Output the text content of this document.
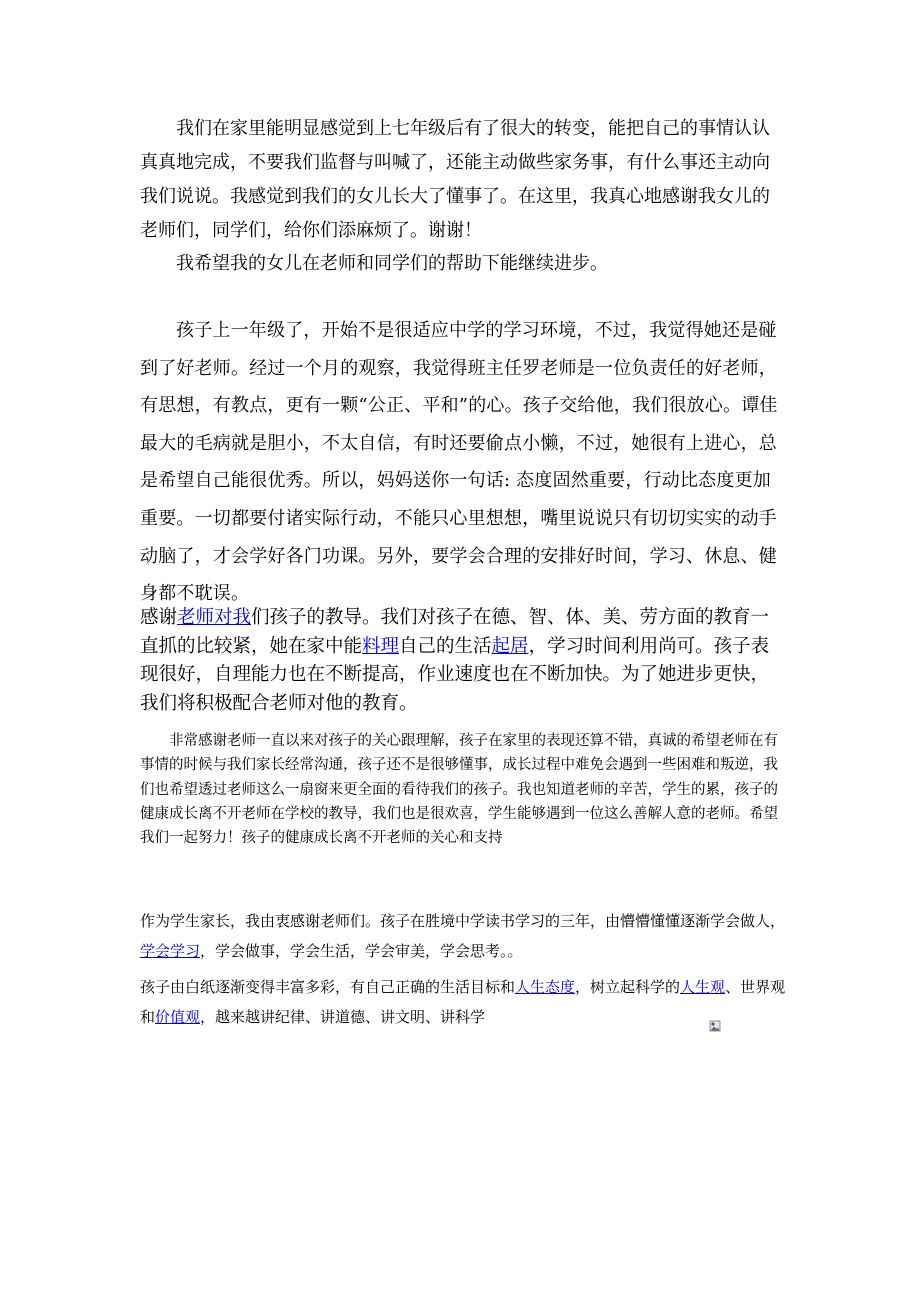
我们在家里能明显感觉到上七年级后有了很大的转变，能把自己的事情认认真真地完成，不要我们监督与叫喊了，还能主动做些家务事，有什么事还主动向我们说说。我感觉到我们的女儿长大了懂事了。在这里，我真心地感谢我女儿的老师们，同学们，给你们添麻烦了。谢谢！

我希望我的女儿在老师和同学们的帮助下能继续进步。

孩子上一年级了，开始不是很适应中学的学习环境，不过，我觉得她还是碰到了好老师。经过一个月的观察，我觉得班主任罗老师是一位负责任的好老师，有思想，有教点，更有一颗“公正、平和”的心。孩子交给他，我们很放心。谭佳最大的毛病就是胆小，不太自信，有时还要偷点小懒，不过，她很有上进心，总是希望自己能很优秀。所以，妈妈送你一句话: 态度固然重要，行动比态度更加重要。一切都要付诸实际行动，不能只心里想想，嘴里说说只有切切实实的动手动脑了，才会学好各门功课。另外，要学会合理的安排好时间，学习、休息、健身都不耽误。

感谢老师对我们孩子的教导。我们对孩子在德、智、体、美、劳方面的教育一直抓的比较紧，她在家中能料理自己的生活起居，学习时间利用尚可。孩子表现很好，自理能力也在不断提高，作业速度也在不断加快。为了她进步更快，我们将积极配合老师对他的教育。

非常感谢老师一直以来对孩子的关心跟理解，孩子在家里的表现还算不错，真诚的希望老师在有事情的时候与我们家长经常沟通，孩子还不是很够懂事，成长过程中难免会遇到一些困难和叛逆，我们也希望透过老师这么一扇窗来更全面的看待我们的孩子。我也知道老师的辛苦，学生的累，孩子的健康成长离不开老师在学校的教导，我们也是很欢喜，学生能够遇到一位这么善解人意的老师。希望我们一起努力！孩子的健康成长离不开老师的关心和支持

作为学生家长，我由衷感谢老师们。孩子在胜境中学读书学习的三年，由懵懵懂懂逐渐学会做人，学会学习，学会做事，学会生活，学会审美，学会思考。。

孩子由白纸逐渐变得丰富多彩，有自己正确的生活目标和人生态度，树立起科学的人生观、世界观和价值观，越来越讲纪律、讲道德、讲文明、讲科学
